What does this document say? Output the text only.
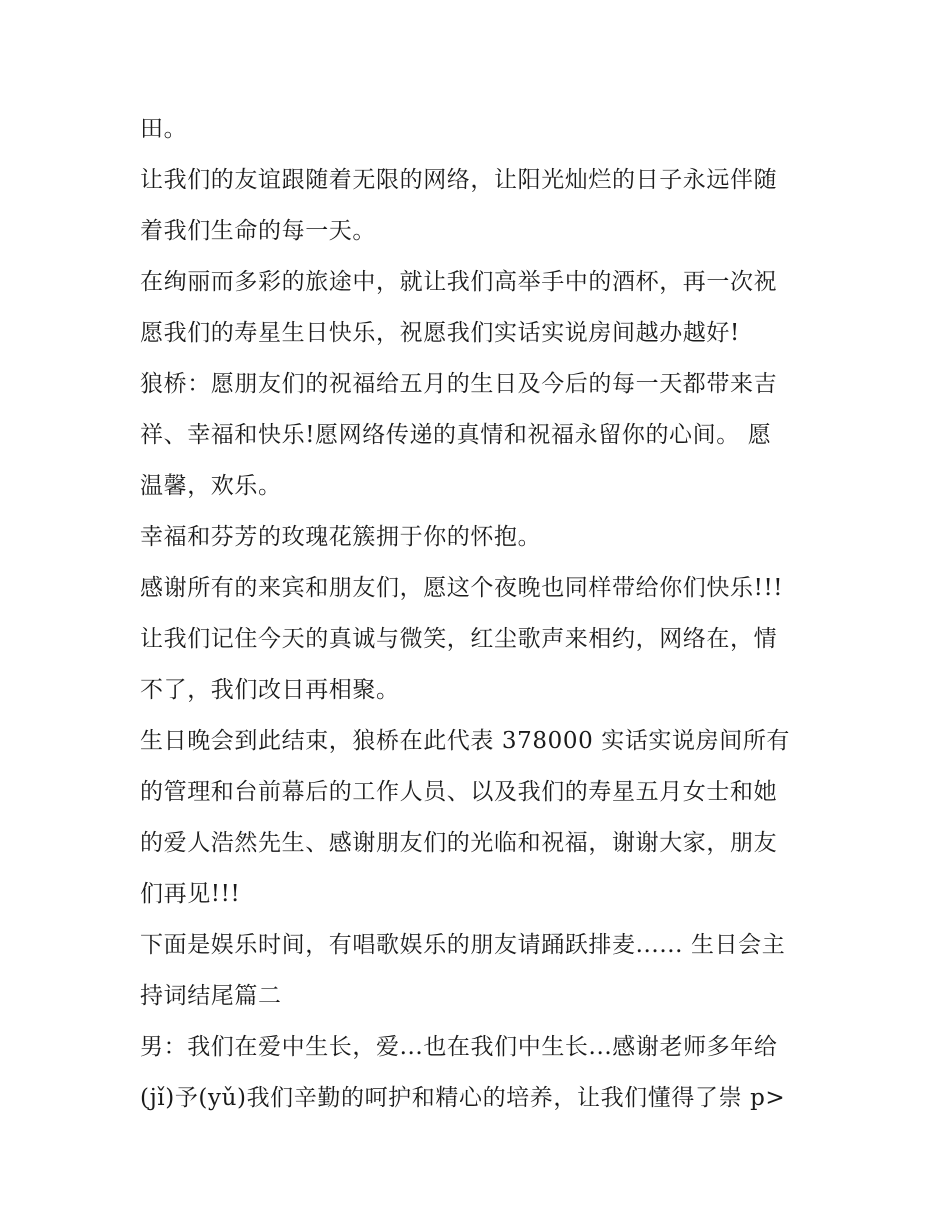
田。
让我们的友谊跟随着无限的网络，让阳光灿烂的日子永远伴随
着我们生命的每一天。
在绚丽而多彩的旅途中，就让我们高举手中的酒杯，再一次祝
愿我们的寿星生日快乐，祝愿我们实话实说房间越办越好!
狼桥：愿朋友们的祝福给五月的生日及今后的每一天都带来吉
祥、幸福和快乐!愿网络传递的真情和祝福永留你的心间。 愿
温馨，欢乐。
幸福和芬芳的玫瑰花簇拥于你的怀抱。
感谢所有的来宾和朋友们，愿这个夜晚也同样带给你们快乐!!!
让我们记住今天的真诚与微笑，红尘歌声来相约，网络在，情
不了，我们改日再相聚。
生日晚会到此结束，狼桥在此代表 378000 实话实说房间所有
的管理和台前幕后的工作人员、以及我们的寿星五月女士和她
的爱人浩然先生、感谢朋友们的光临和祝福，谢谢大家，朋友
们再见!!!
下面是娱乐时间，有唱歌娱乐的朋友请踊跃排麦...... 生日会主
持词结尾篇二
男：我们在爱中生长，爱...也在我们中生长...感谢老师多年给
(jǐ)予(yǔ)我们辛勤的呵护和精心的培养，让我们懂得了崇 p>
